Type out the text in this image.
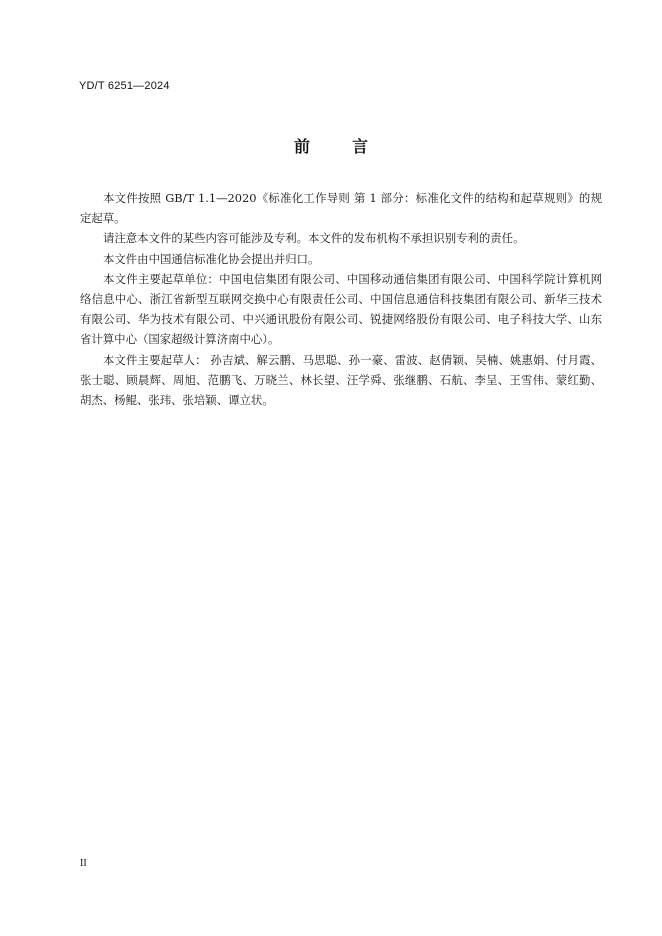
YD/T 6251—2024
前	言

本文件按照 GB/T 1.1—2020《标准化工作导则 第 1 部分：标准化文件的结构和起草规则》的规定起草。

请注意本文件的某些内容可能涉及专利。本文件的发布机构不承担识别专利的责任。

本文件由中国通信标准化协会提出并归口。

本文件主要起草单位：中国电信集团有限公司、中国移动通信集团有限公司、中国科学院计算机网络信息中心、浙江省新型互联网交换中心有限责任公司、中国信息通信科技集团有限公司、新华三技术有限公司、华为技术有限公司、中兴通讯股份有限公司、锐捷网络股份有限公司、电子科技大学、山东省计算中心（国家超级计算济南中心）。

本文件主要起草人： 孙吉斌、解云鹏、马思聪、孙一豪、雷波、赵倩颖、吴楠、姚惠娟、付月霞、张士聪、顾晨辉、周旭、范鹏飞、万晓兰、林长望、汪学舜、张继鹏、石航、李呈、王雪伟、蒙红勤、胡杰、杨鲲、张玮、张培颖、谭立状。

II
